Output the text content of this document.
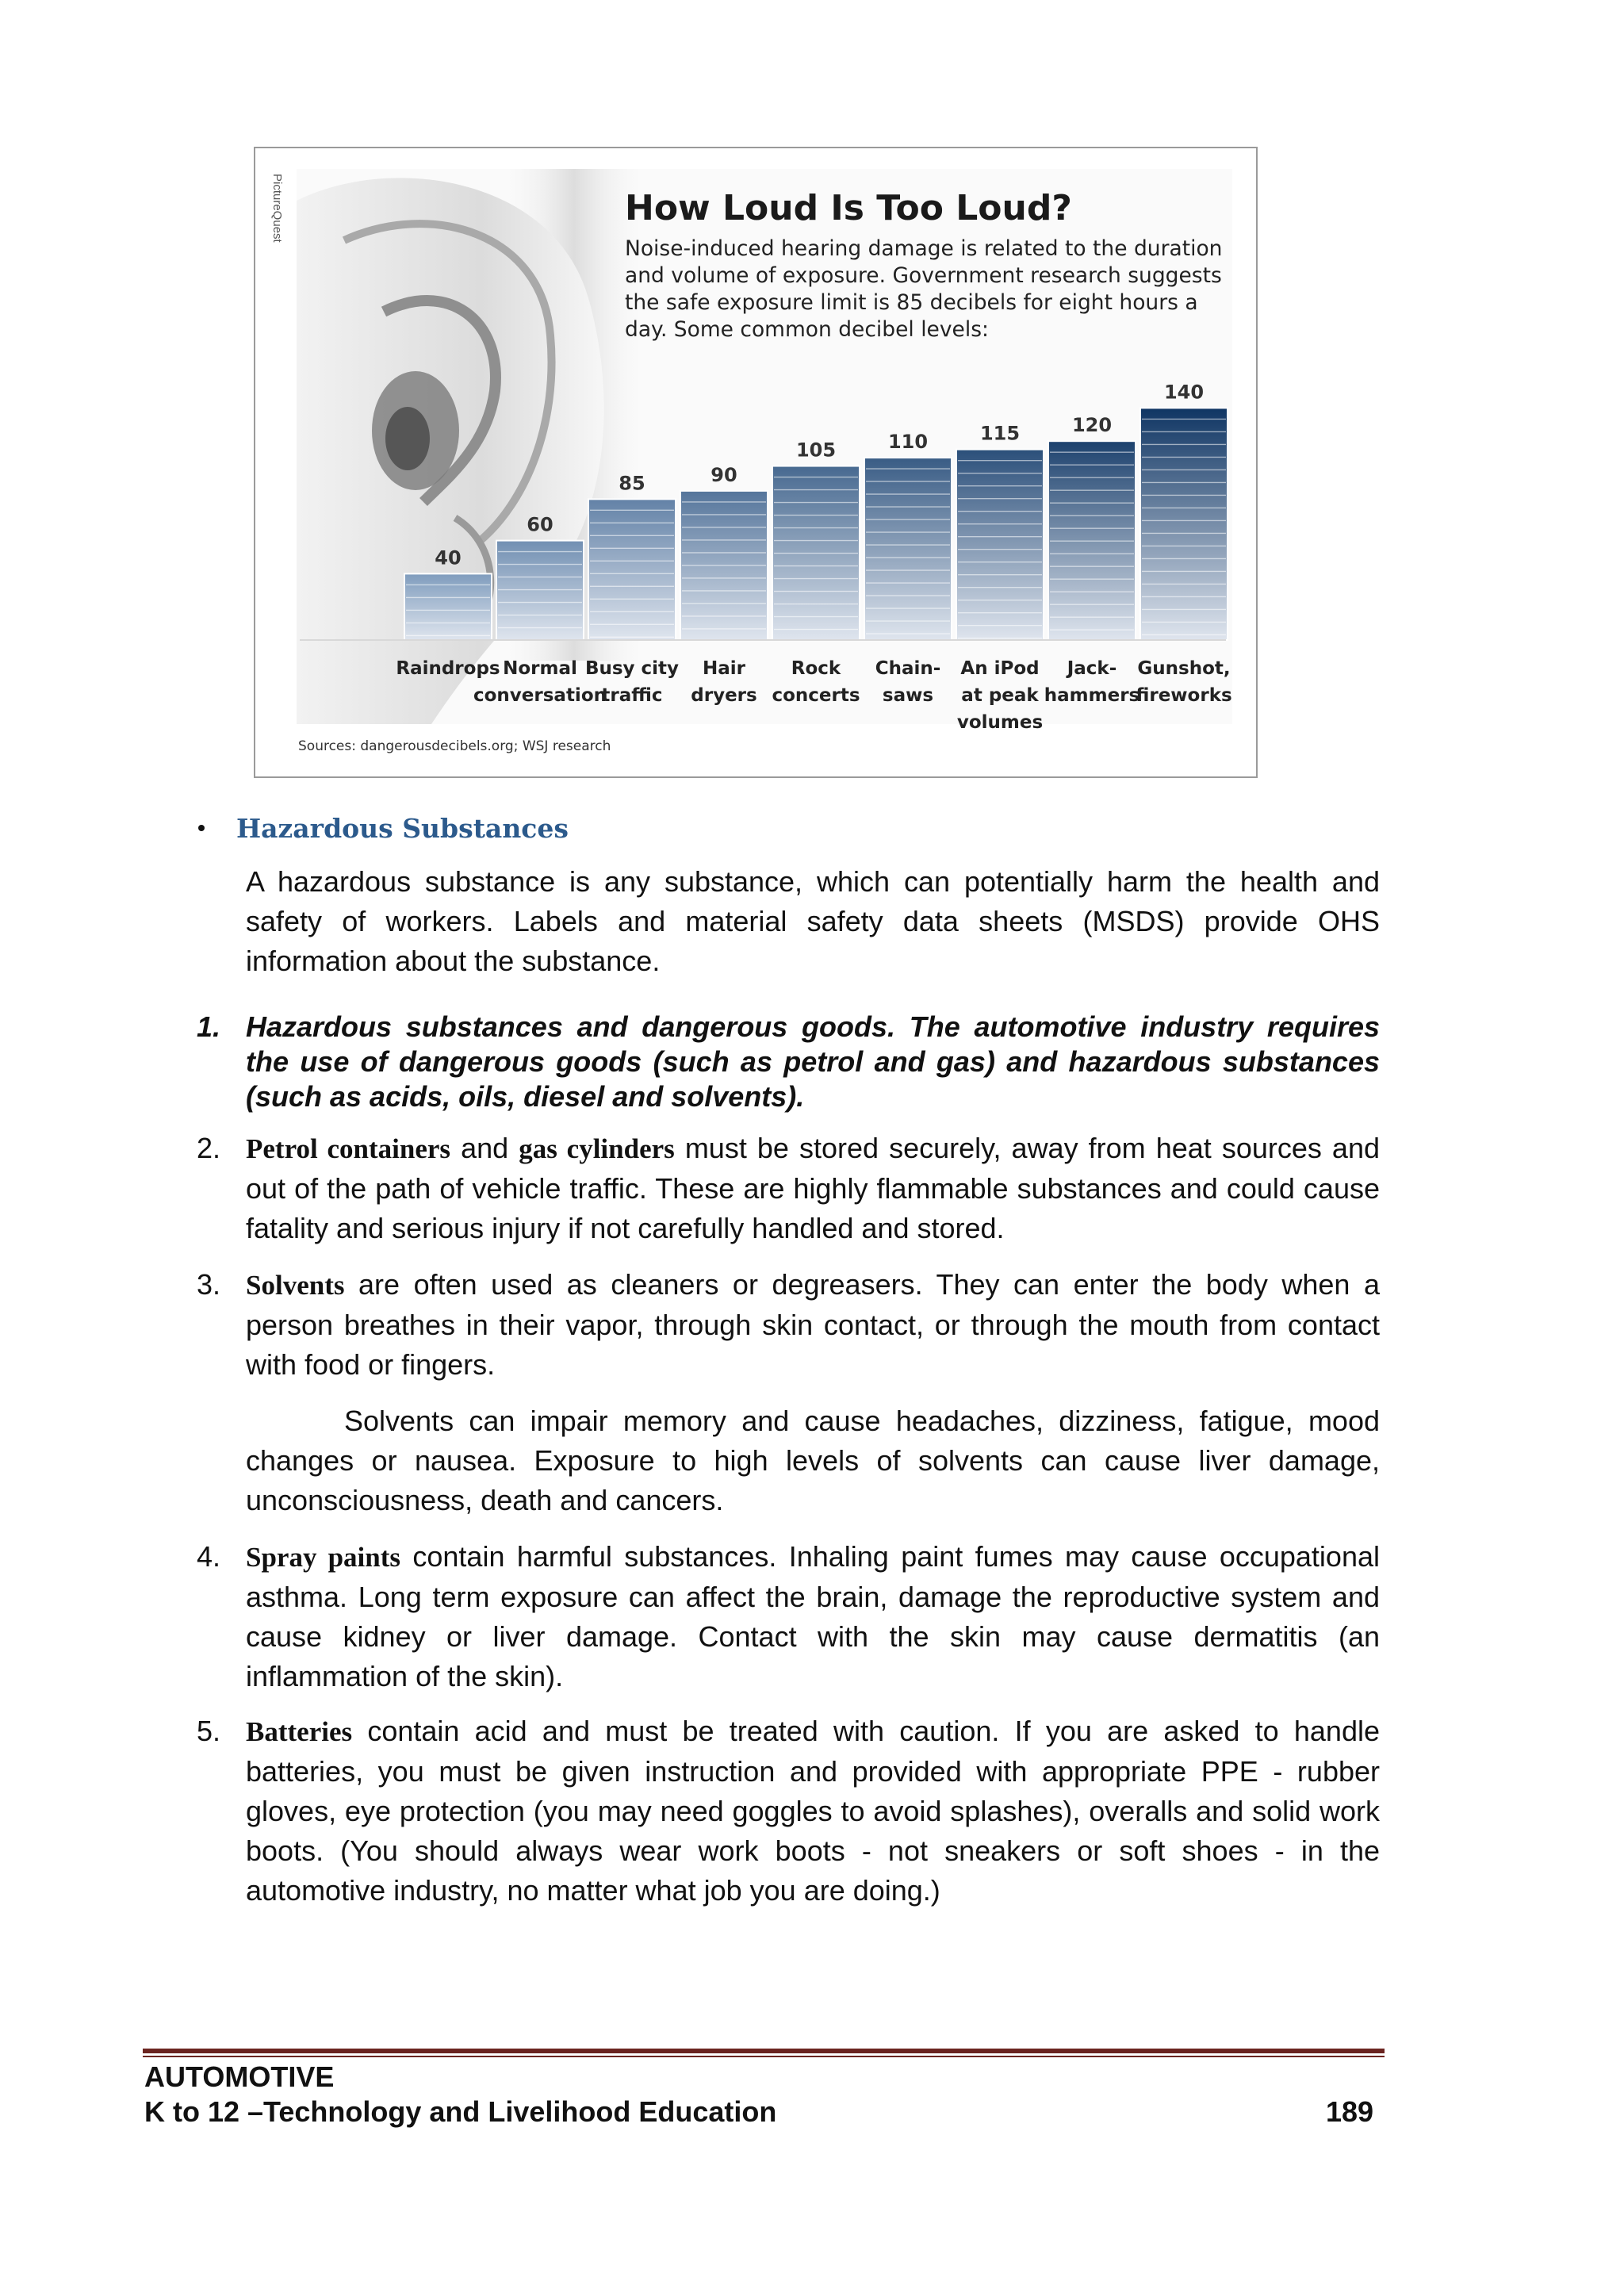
PictureQuest	How Loud Is Too Loud?

Noise-induced hearing damage is related to the duration and volume of exposure. Government research suggests the safe exposure limit is 85 decibels for eight hours a day. Some common decibel levels:

40
Raindrops
60
Normal
conversation
85
Busy city
traffic
90
Hair
dryers
105
Rock
concerts
110
Chain-
saws
115
An iPod
at peak
volumes
120
Jack-
hammers
140
Gunshot,
fireworks
Sources: dangerousdecibels.org; WSJ research
Hazardous Substances

A hazardous substance is any substance, which can potentially harm the health and safety of workers. Labels and material safety data sheets (MSDS) provide OHS information about the substance.

1. Hazardous substances and dangerous goods. The automotive industry requires the use of dangerous goods (such as petrol and gas) and hazardous substances (such as acids, oils, diesel and solvents).
2. Petrol containers and gas cylinders must be stored securely, away from heat sources and out of the path of vehicle traffic. These are highly flammable substances and could cause fatality and serious injury if not carefully handled and stored.
3. Solvents are often used as cleaners or degreasers. They can enter the body when a person breathes in their vapor, through skin contact, or through the mouth from contact with food or fingers.

Solvents can impair memory and cause headaches, dizziness, fatigue, mood changes or nausea. Exposure to high levels of solvents can cause liver damage, unconsciousness, death and cancers.

4. Spray paints contain harmful substances. Inhaling paint fumes may cause occupational asthma. Long term exposure can affect the brain, damage the reproductive system and cause kidney or liver damage. Contact with the skin may cause dermatitis (an inflammation of the skin).
5. Batteries contain acid and must be treated with caution. If you are asked to handle batteries, you must be given instruction and provided with appropriate PPE - rubber gloves, eye protection (you may need goggles to avoid splashes), overalls and solid work boots. (You should always wear work boots - not sneakers or soft shoes - in the automotive industry, no matter what job you are doing.)

AUTOMOTIVE

K to 12 –Technology and Livelihood Education	189
